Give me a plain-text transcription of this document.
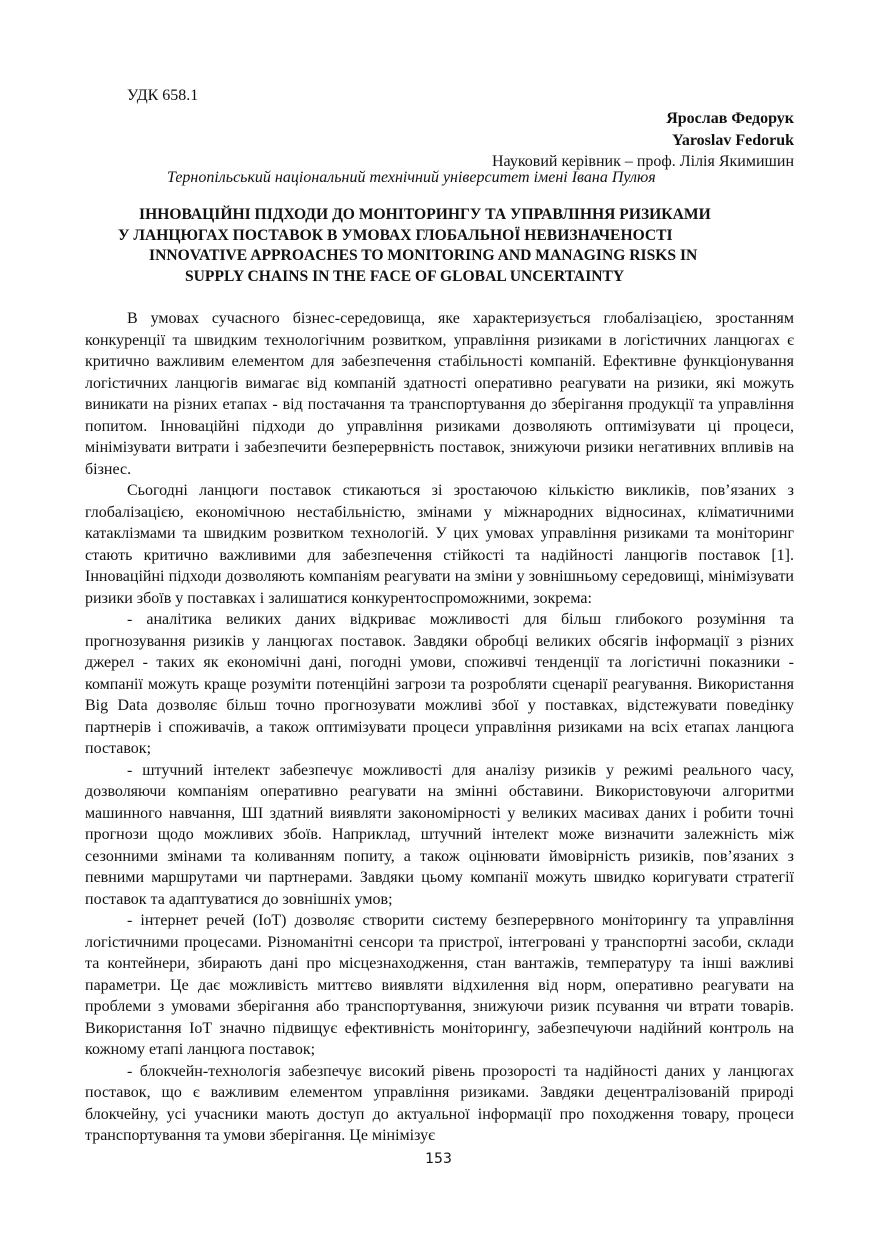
УДК 658.1
Ярослав Федорук
Yaroslav Fedoruk
Науковий керівник – проф. Лілія Якимишин
Тернопільський національний технічний університет імені Івана Пулюя
ІННОВАЦІЙНІ ПІДХОДИ ДО МОНІТОРИНГУ ТА УПРАВЛІННЯ РИЗИКАМИ
У ЛАНЦЮГАХ ПОСТАВОК В УМОВАХ ГЛОБАЛЬНОЇ НЕВИЗНАЧЕНОСТІ
INNOVATIVE APPROACHES TO MONITORING AND MANAGING RISKS IN
SUPPLY CHAINS IN THE FACE OF GLOBAL UNCERTAINTY

В умовах сучасного бізнес-середовища, яке характеризується глобалізацією, зростанням конкуренції та швидким технологічним розвитком, управління ризиками в логістичних ланцюгах є критично важливим елементом для забезпечення стабільності компаній. Ефективне функціонування логістичних ланцюгів вимагає від компаній здатності оперативно реагувати на ризики, які можуть виникати на різних етапах - від постачання та транспортування до зберігання продукції та управління попитом. Інноваційні підходи до управління ризиками дозволяють оптимізувати ці процеси, мінімізувати витрати і забезпечити безперервність поставок, знижуючи ризики негативних впливів на бізнес.

Сьогодні ланцюги поставок стикаються зі зростаючою кількістю викликів, пов’язаних з глобалізацією, економічною нестабільністю, змінами у міжнародних відносинах, кліматичними катаклізмами та швидким розвитком технологій. У цих умовах управління ризиками та моніторинг стають критично важливими для забезпечення стійкості та надійності ланцюгів поставок [1]. Інноваційні підходи дозволяють компаніям реагувати на зміни у зовнішньому середовищі, мінімізувати ризики збоїв у поставках і залишатися конкурентоспроможними, зокрема:

- аналітика великих даних відкриває можливості для більш глибокого розуміння та прогнозування ризиків у ланцюгах поставок. Завдяки обробці великих обсягів інформації з різних джерел - таких як економічні дані, погодні умови, споживчі тенденції та логістичні показники - компанії можуть краще розуміти потенційні загрози та розробляти сценарії реагування. Використання Big Data дозволяє більш точно прогнозувати можливі збої у поставках, відстежувати поведінку партнерів і споживачів, а також оптимізувати процеси управління ризиками на всіх етапах ланцюга поставок;

- штучний інтелект забезпечує можливості для аналізу ризиків у режимі реального часу, дозволяючи компаніям оперативно реагувати на змінні обставини. Використовуючи алгоритми машинного навчання, ШІ здатний виявляти закономірності у великих масивах даних і робити точні прогнози щодо можливих збоїв. Наприклад, штучний інтелект може визначити залежність між сезонними змінами та коливанням попиту, а також оцінювати ймовірність ризиків, пов’язаних з певними маршрутами чи партнерами. Завдяки цьому компанії можуть швидко коригувати стратегії поставок та адаптуватися до зовнішніх умов;

- інтернет речей (IoT) дозволяє створити систему безперервного моніторингу та управління логістичними процесами. Різноманітні сенсори та пристрої, інтегровані у транспортні засоби, склади та контейнери, збирають дані про місцезнаходження, стан вантажів, температуру та інші важливі параметри. Це дає можливість миттєво виявляти відхилення від норм, оперативно реагувати на проблеми з умовами зберігання або транспортування, знижуючи ризик псування чи втрати товарів. Використання IoT значно підвищує ефективність моніторингу, забезпечуючи надійний контроль на кожному етапі ланцюга поставок;

- блокчейн-технологія забезпечує високий рівень прозорості та надійності даних у ланцюгах поставок, що є важливим елементом управління ризиками. Завдяки децентралізованій природі блокчейну, усі учасники мають доступ до актуальної інформації про походження товару, процеси транспортування та умови зберігання. Це мінімізує

153
